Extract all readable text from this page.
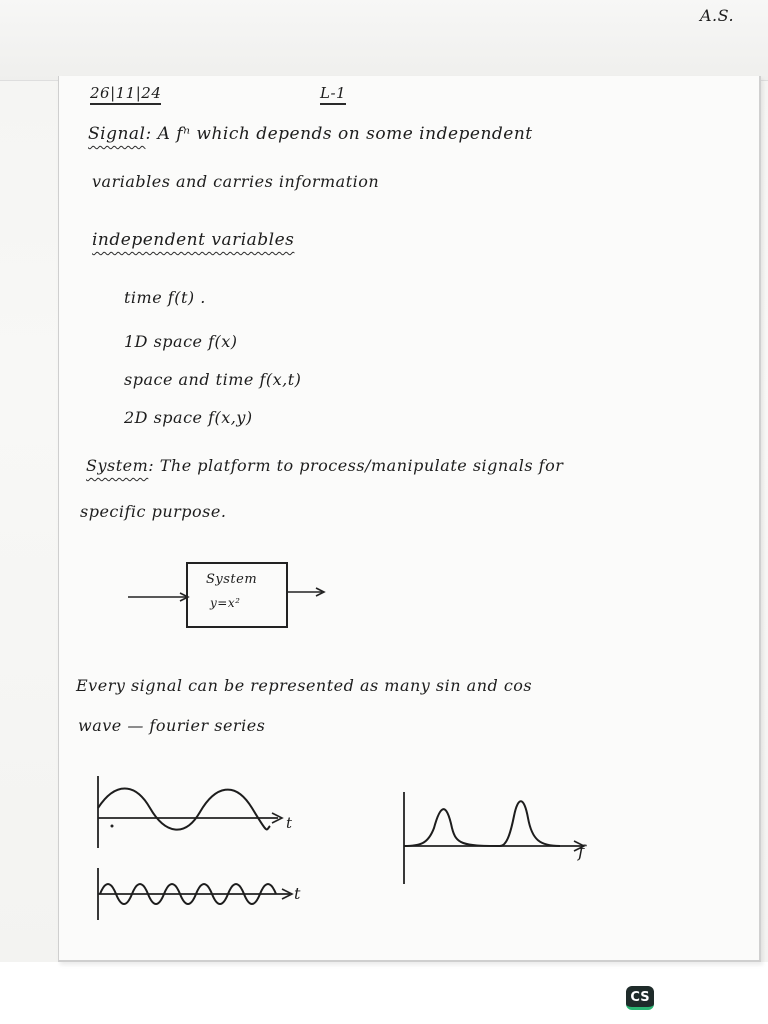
A.S.
26|11|24	L-1
Signal: A fⁿ which depends on some independent
variables and carries information
independent variables
time f(t) .
1D space f(x)
space and time f(x,t)
2D space f(x,y)
System: The platform to process/manipulate signals for
specific purpose.
System
y=x²
Every signal can be represented as many sin and cos
wave — fourier series
t
t
f
CS
